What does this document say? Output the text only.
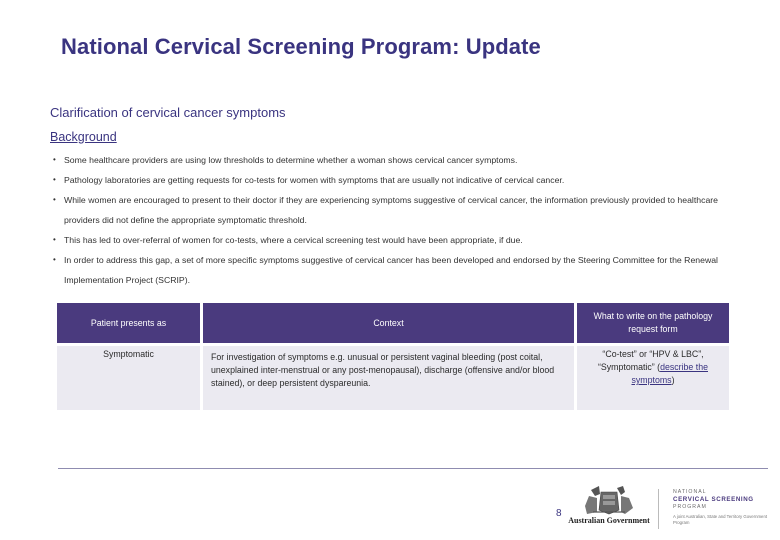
National Cervical Screening Program: Update
Clarification of cervical cancer symptoms
Background
• Some healthcare providers are using low thresholds to determine whether a woman shows cervical cancer symptoms.
• Pathology laboratories are getting requests for co-tests for women with symptoms that are usually not indicative of cervical cancer.
• While women are encouraged to present to their doctor if they are experiencing symptoms suggestive of cervical cancer, the information previously provided to healthcare providers did not define the appropriate symptomatic threshold.
• This has led to over-referral of women for co-tests, where a cervical screening test would have been appropriate, if due.
• In order to address this gap, a set of more specific symptoms suggestive of cervical cancer has been developed and endorsed by the Steering Committee for the Renewal Implementation Project (SCRIP).
Patient presents as	Context	What to write on the pathology request form
Symptomatic	For investigation of symptoms e.g. unusual or persistent vaginal bleeding (post coital, unexplained inter-menstrual or any post-menopausal), discharge (offensive and/or blood stained), or deep persistent dyspareunia.	“Co-test” or “HPV & LBC”, “Symptomatic” (describe the symptoms)
8
Australian Government
NATIONAL
CERVICAL SCREENING
PROGRAM
A joint Australian, State and Territory Government Program
